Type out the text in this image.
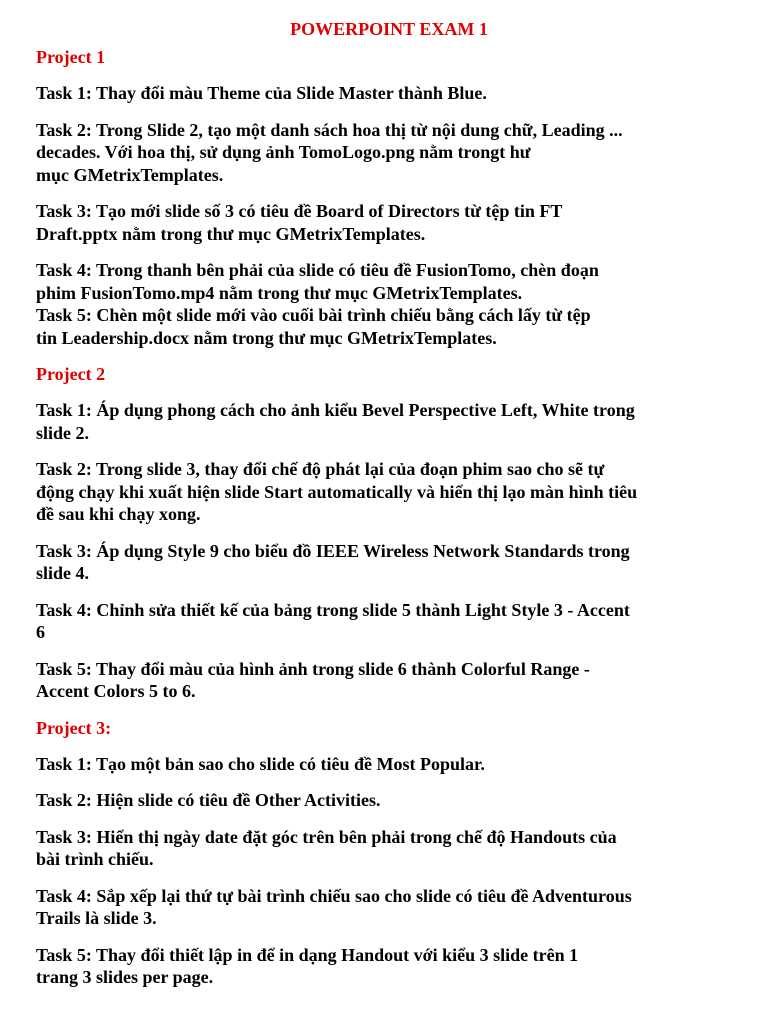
POWERPOINT EXAM 1
Project 1
Task 1: Thay đổi màu Theme của Slide Master thành Blue.
Task 2: Trong Slide 2, tạo một danh sách hoa thị từ nội dung chữ, Leading ...
decades. Với hoa thị, sử dụng ảnh TomoLogo.png nằm trongt hư
mục GMetrixTemplates.
Task 3: Tạo mới slide số 3 có tiêu đề Board of Directors từ tệp tin FT
Draft.pptx nằm trong thư mục GMetrixTemplates.
Task 4: Trong thanh bên phải của slide có tiêu đề FusionTomo, chèn đoạn
phim FusionTomo.mp4 nằm trong thư mục GMetrixTemplates.
Task 5: Chèn một slide mới vào cuối bài trình chiếu bằng cách lấy từ tệp
tin Leadership.docx nằm trong thư mục GMetrixTemplates.
Project 2
Task 1: Áp dụng phong cách cho ảnh kiểu Bevel Perspective Left, White trong
slide 2.
Task 2: Trong slide 3, thay đổi chế độ phát lại của đoạn phim sao cho sẽ tự
động chạy khi xuất hiện slide Start automatically và hiển thị lạo màn hình tiêu
đề sau khi chạy xong.
Task 3: Áp dụng Style 9 cho biểu đồ IEEE Wireless Network Standards trong
slide 4.
Task 4: Chỉnh sửa thiết kế của bảng trong slide 5 thành Light Style 3 - Accent
6
Task 5: Thay đổi màu của hình ảnh trong slide 6 thành Colorful Range -
Accent Colors 5 to 6.
Project 3:
Task 1: Tạo một bản sao cho slide có tiêu đề Most Popular.
Task 2: Hiện slide có tiêu đề Other Activities.
Task 3: Hiển thị ngày date đặt góc trên bên phải trong chế độ Handouts của
bài trình chiếu.
Task 4: Sắp xếp lại thứ tự bài trình chiếu sao cho slide có tiêu đề Adventurous
Trails là slide 3.
Task 5: Thay đổi thiết lập in để in dạng Handout với kiểu 3 slide trên 1
trang 3 slides per page.
